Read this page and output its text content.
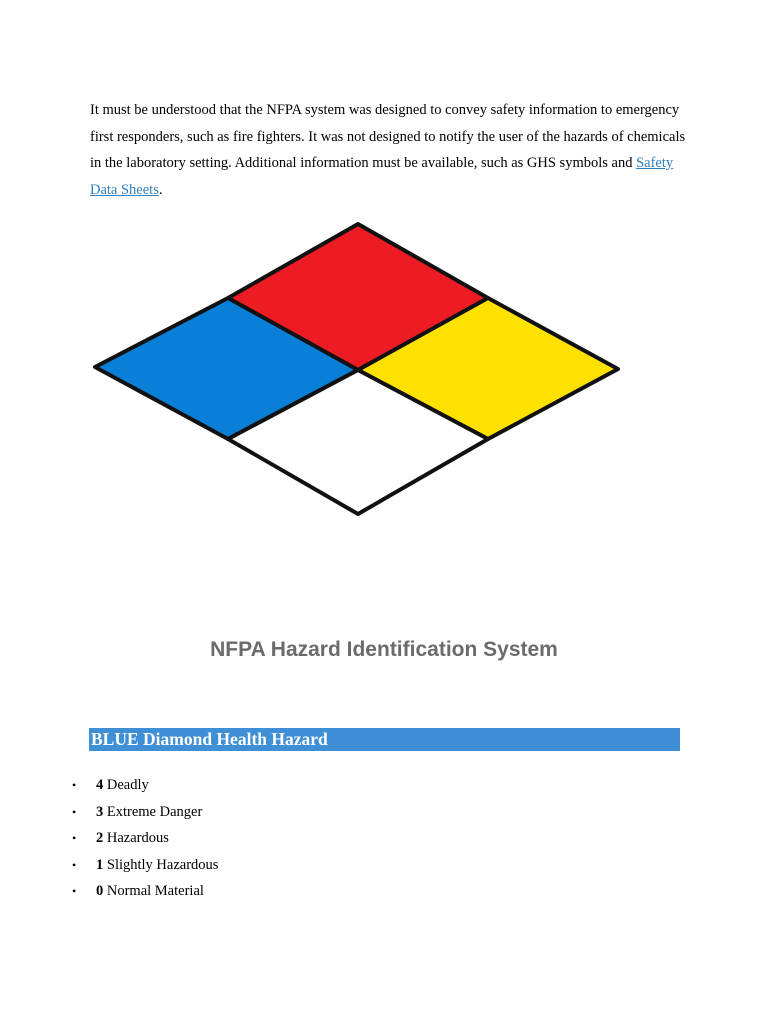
It must be understood that the NFPA system was designed to convey safety information to emergency first responders, such as fire fighters. It was not designed to notify the user of the hazards of chemicals in the laboratory setting. Additional information must be available, such as GHS symbols and Safety Data Sheets.

NFPA Hazard Identification System
BLUE Diamond Health Hazard
• 4 Deadly
• 3 Extreme Danger
• 2 Hazardous
• 1 Slightly Hazardous
• 0 Normal Material
